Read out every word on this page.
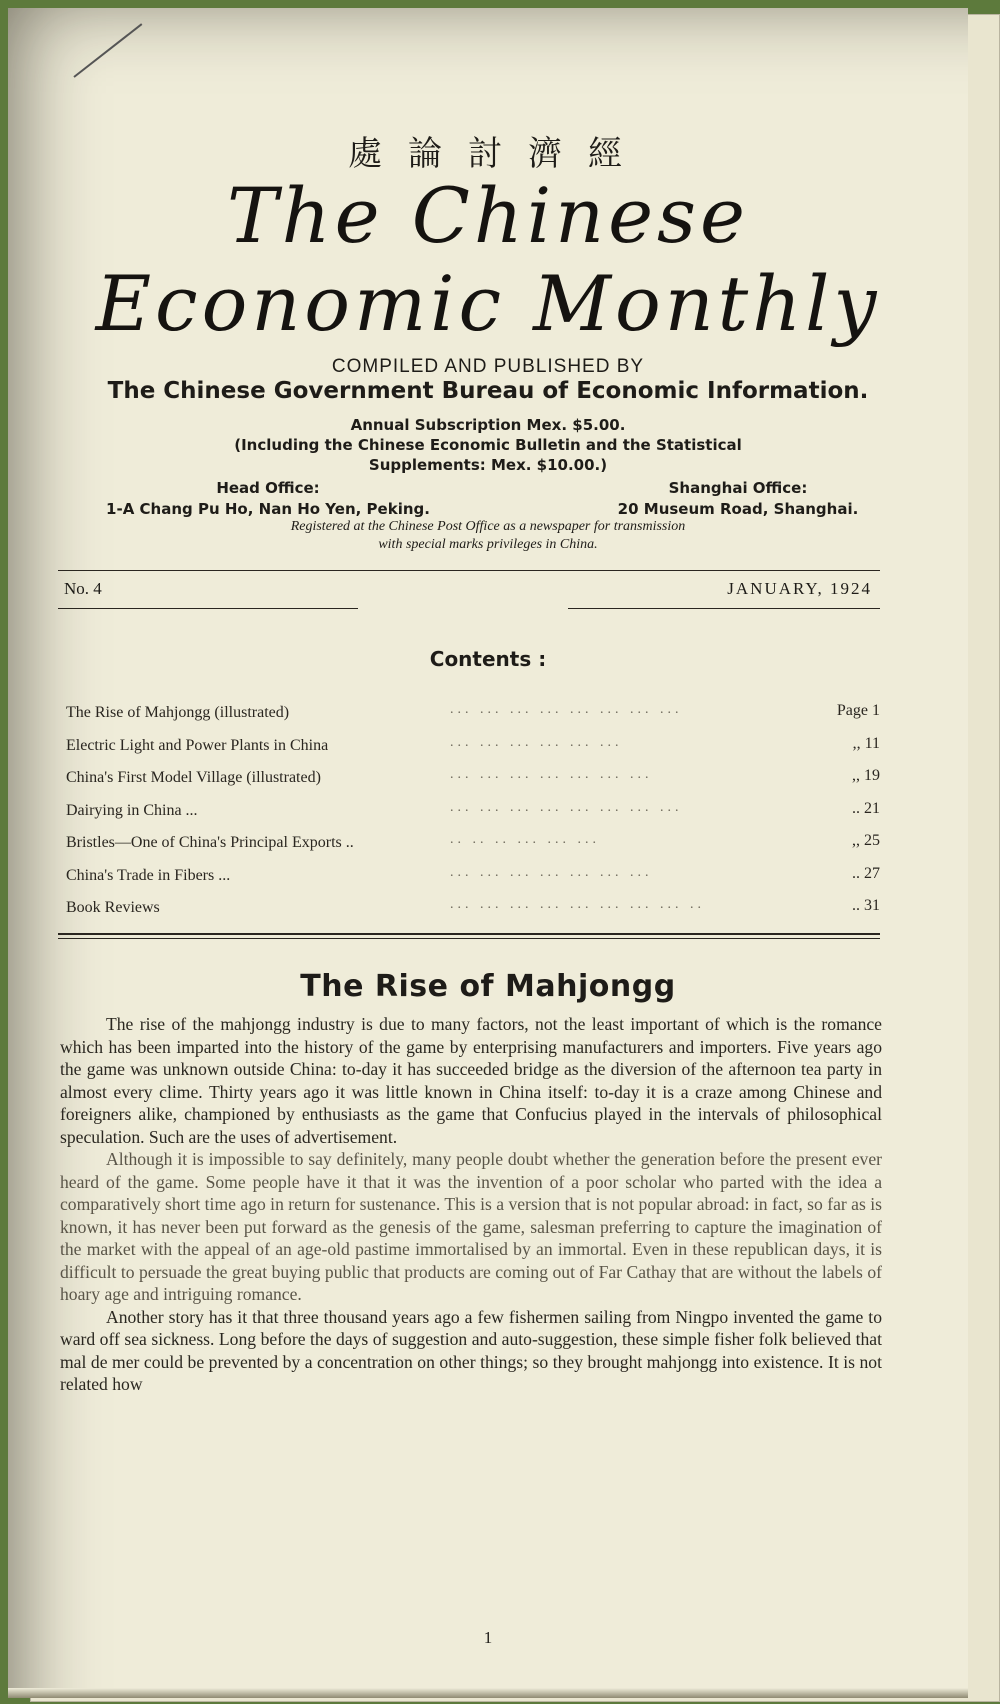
處論討濟經
The Chinese
Economic Monthly
COMPILED AND PUBLISHED BY
The Chinese Government Bureau of Economic Information.
Annual Subscription Mex. $5.00.
(Including the Chinese Economic Bulletin and the Statistical
Supplements: Mex. $10.00.)
Head Office:
1-A Chang Pu Ho, Nan Ho Yen, Peking.
Shanghai Office:
20 Museum Road, Shanghai.
Registered at the Chinese Post Office as a newspaper for transmission
with special marks privileges in China.
No. 4	JANUARY, 1924
Contents :
The Rise of Mahjongg (illustrated)	... ... ... ... ... ... ... ...	Page 1
Electric Light and Power Plants in China	... ... ... ... ... ...	,, 11
China's First Model Village (illustrated)	... ... ... ... ... ... ...	,, 19
Dairying in China ...	... ... ... ... ... ... ... ...	.. 21
Bristles—One of China's Principal Exports ..	.. .. .. ... ... ...	,, 25
China's Trade in Fibers ...	... ... ... ... ... ... ...	.. 27
Book Reviews	... ... ... ... ... ... ... ... ..	.. 31
The Rise of Mahjongg

The rise of the mahjongg industry is due to many factors, not the least important of which is the romance which has been imparted into the history of the game by enterprising manufacturers and importers. Five years ago the game was unknown outside China: to-day it has succeeded bridge as the diversion of the afternoon tea party in almost every clime. Thirty years ago it was little known in China itself: to-day it is a craze among Chinese and foreigners alike, championed by enthusiasts as the game that Confucius played in the intervals of philosophical speculation. Such are the uses of advertisement.

Although it is impossible to say definitely, many people doubt whether the generation before the present ever heard of the game. Some people have it that it was the invention of a poor scholar who parted with the idea a comparatively short time ago in return for sustenance. This is a version that is not popular abroad: in fact, so far as is known, it has never been put forward as the genesis of the game, salesman preferring to capture the imagination of the market with the appeal of an age-old pastime immortalised by an immortal. Even in these republican days, it is difficult to persuade the great buying public that products are coming out of Far Cathay that are without the labels of hoary age and intriguing romance.

Another story has it that three thousand years ago a few fishermen sailing from Ningpo invented the game to ward off sea sickness. Long before the days of suggestion and auto-suggestion, these simple fisher folk believed that mal de mer could be prevented by a concentration on other things; so they brought mahjongg into existence. It is not related how

1
